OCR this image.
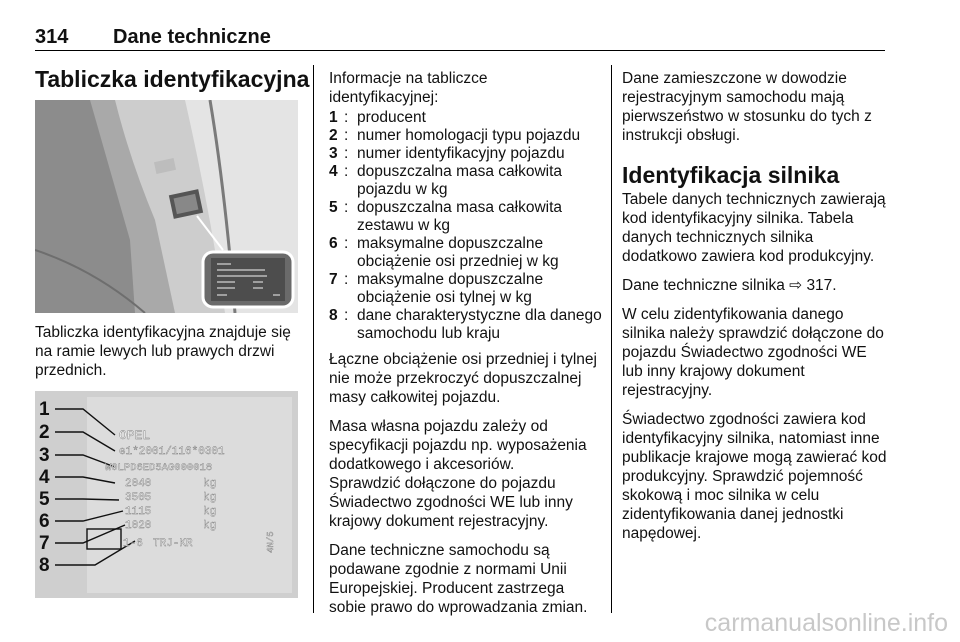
314 Dane techniczne
Tabliczka identyfikacyjna
Tabliczka identyfikacyjna znajduje się na ramie lewych lub prawych drzwi przednich.
1
2
3
4
5
6
7
8
OPEL
e1*2001/116*0301
W0LPD6ED5AG000018
2040
3505
1115
1020
kg
kg
kg
kg
1-6 TRJ-KR	4N/5
Informacje na tabliczce identyfikacyjnej:
1 : producent
2 : numer homologacji typu pojazdu
3 : numer identyfikacyjny pojazdu
4 : dopuszczalna masa całkowita pojazdu w kg
5 : dopuszczalna masa całkowita zestawu w kg
6 : maksymalne dopuszczalne obciążenie osi przedniej w kg
7 : maksymalne dopuszczalne obciążenie osi tylnej w kg
8 : dane charakterystyczne dla danego samochodu lub kraju

Łączne obciążenie osi przedniej i tylnej nie może przekroczyć dopuszczalnej masy całkowitej pojazdu.

Masa własna pojazdu zależy od specyfikacji pojazdu np. wyposażenia dodatkowego i akcesoriów.

Sprawdzić dołączone do pojazdu Świadectwo zgodności WE lub inny krajowy dokument rejestracyjny.

Dane techniczne samochodu są podawane zgodnie z normami Unii Europejskiej. Producent zastrzega sobie prawo do wprowadzania zmian.

Dane zamieszczone w dowodzie rejestracyjnym samochodu mają pierwszeństwo w stosunku do tych z instrukcji obsługi.

Identyfikacja silnika

Tabele danych technicznych zawierają kod identyfikacyjny silnika. Tabela danych technicznych silnika dodatkowo zawiera kod produkcyjny.

Dane techniczne silnika ⇨ 317.

W celu zidentyfikowania danego silnika należy sprawdzić dołączone do pojazdu Świadectwo zgodności WE lub inny krajowy dokument rejestracyjny.

Świadectwo zgodności zawiera kod identyfikacyjny silnika, natomiast inne publikacje krajowe mogą zawierać kod produkcyjny. Sprawdzić pojemność skokową i moc silnika w celu zidentyfikowania danej jednostki napędowej.

carmanualsonline.info
